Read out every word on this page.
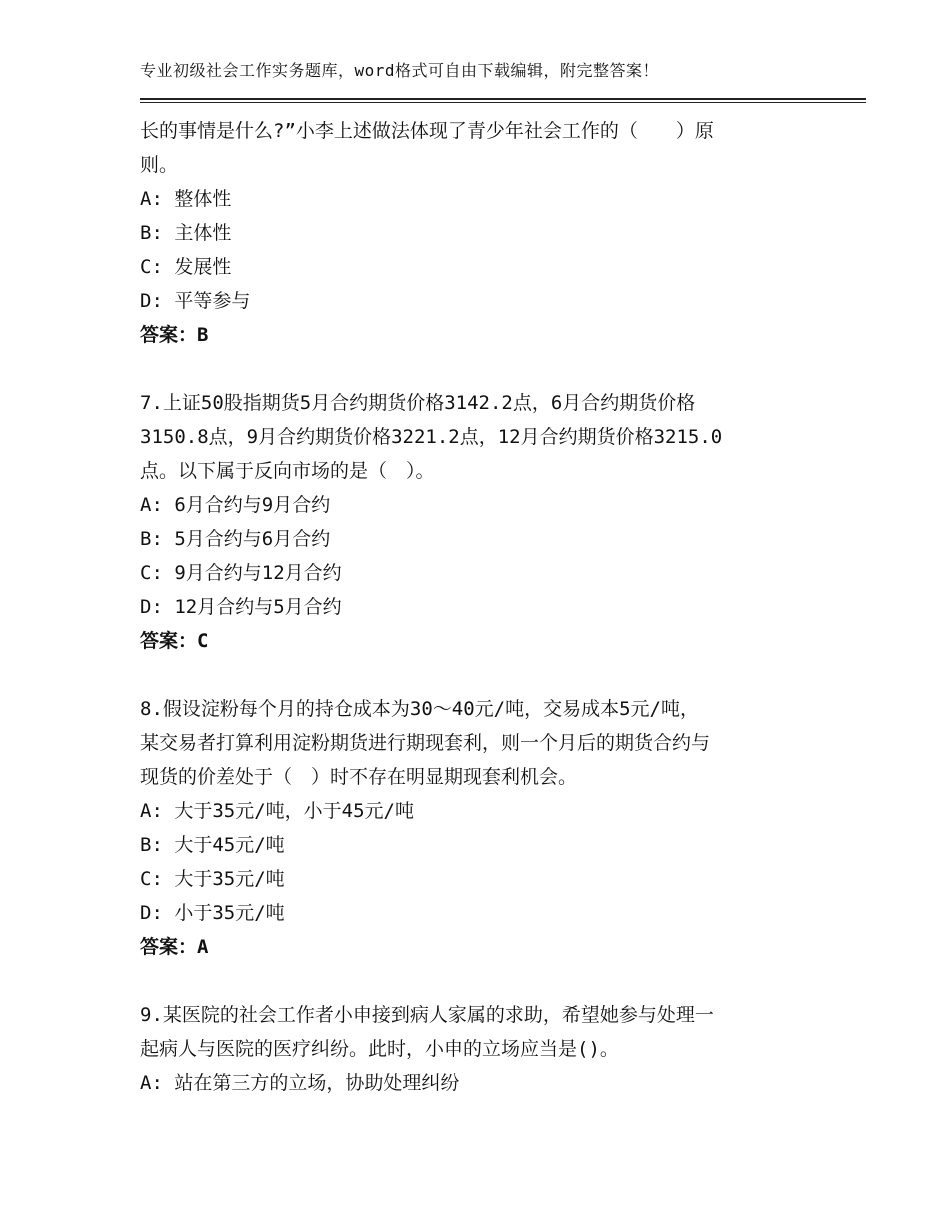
专业初级社会工作实务题库，word格式可自由下载编辑，附完整答案！
长的事情是什么?”小李上述做法体现了青少年社会工作的（　　）原
则。
A: 整体性
B: 主体性
C: 发展性
D: 平等参与
答案：B
7.上证50股指期货5月合约期货价格3142.2点，6月合约期货价格
3150.8点，9月合约期货价格3221.2点，12月合约期货价格3215.0
点。以下属于反向市场的是（　）。
A: 6月合约与9月合约
B: 5月合约与6月合约
C: 9月合约与12月合约
D: 12月合约与5月合约
答案：C
8.假设淀粉每个月的持仓成本为30～40元/吨，交易成本5元/吨，
某交易者打算利用淀粉期货进行期现套利，则一个月后的期货合约与
现货的价差处于（　）时不存在明显期现套利机会。
A: 大于35元/吨，小于45元/吨
B: 大于45元/吨
C: 大于35元/吨
D: 小于35元/吨
答案：A
9.某医院的社会工作者小申接到病人家属的求助，希望她参与处理一
起病人与医院的医疗纠纷。此时，小申的立场应当是()。
A: 站在第三方的立场，协助处理纠纷
